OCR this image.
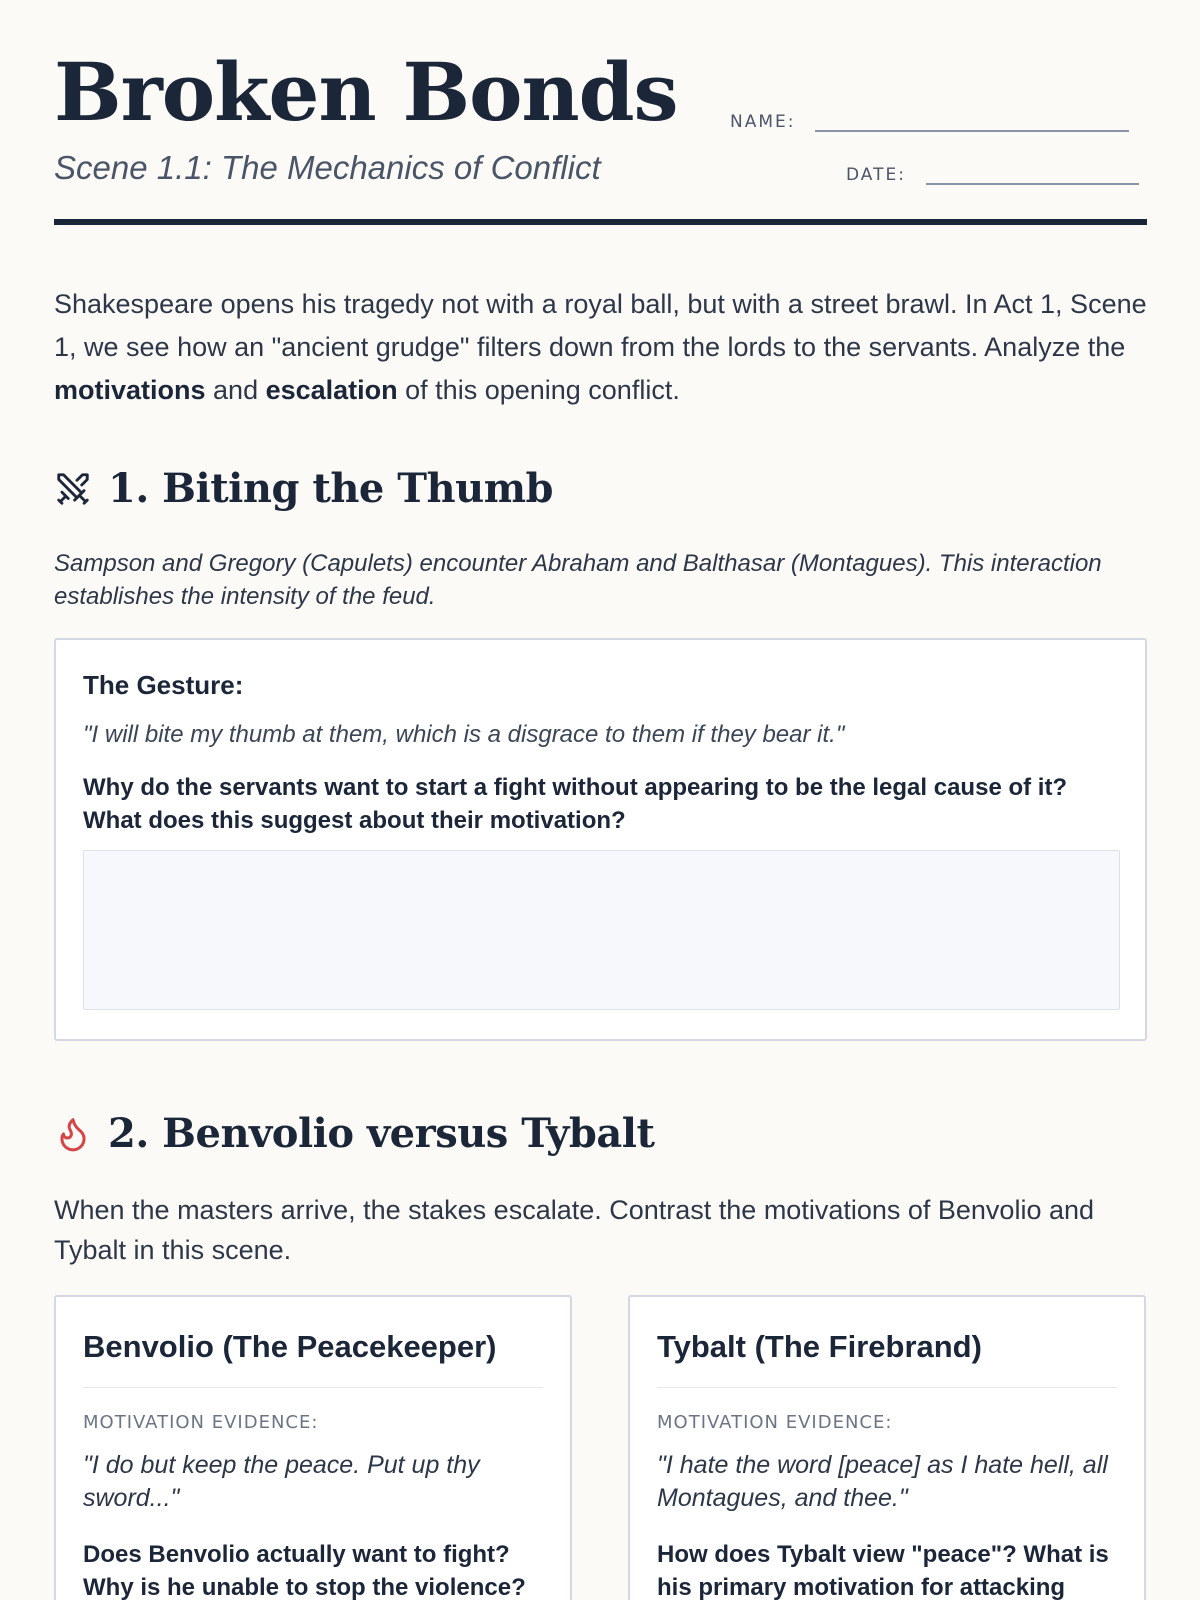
Broken Bonds
Scene 1.1: The Mechanics of Conflict
NAME:
DATE:

Shakespeare opens his tragedy not with a royal ball, but with a street brawl. In Act 1, Scene 1, we see how an "ancient grudge" filters down from the lords to the servants. Analyze the motivations and escalation of this opening conflict.

1. Biting the Thumb

Sampson and Gregory (Capulets) encounter Abraham and Balthasar (Montagues). This interaction establishes the intensity of the feud.

The Gesture:
"I will bite my thumb at them, which is a disgrace to them if they bear it."
Why do the servants want to start a fight without appearing to be the legal cause of it? What does this suggest about their motivation?
2. Benvolio versus Tybalt

When the masters arrive, the stakes escalate. Contrast the motivations of Benvolio and Tybalt in this scene.

Benvolio (The Peacekeeper)
MOTIVATION EVIDENCE:
"I do but keep the peace. Put up thy sword..."
Does Benvolio actually want to fight? Why is he unable to stop the violence?
Tybalt (The Firebrand)
MOTIVATION EVIDENCE:
"I hate the word [peace] as I hate hell, all Montagues, and thee."
How does Tybalt view "peace"? What is his primary motivation for attacking
